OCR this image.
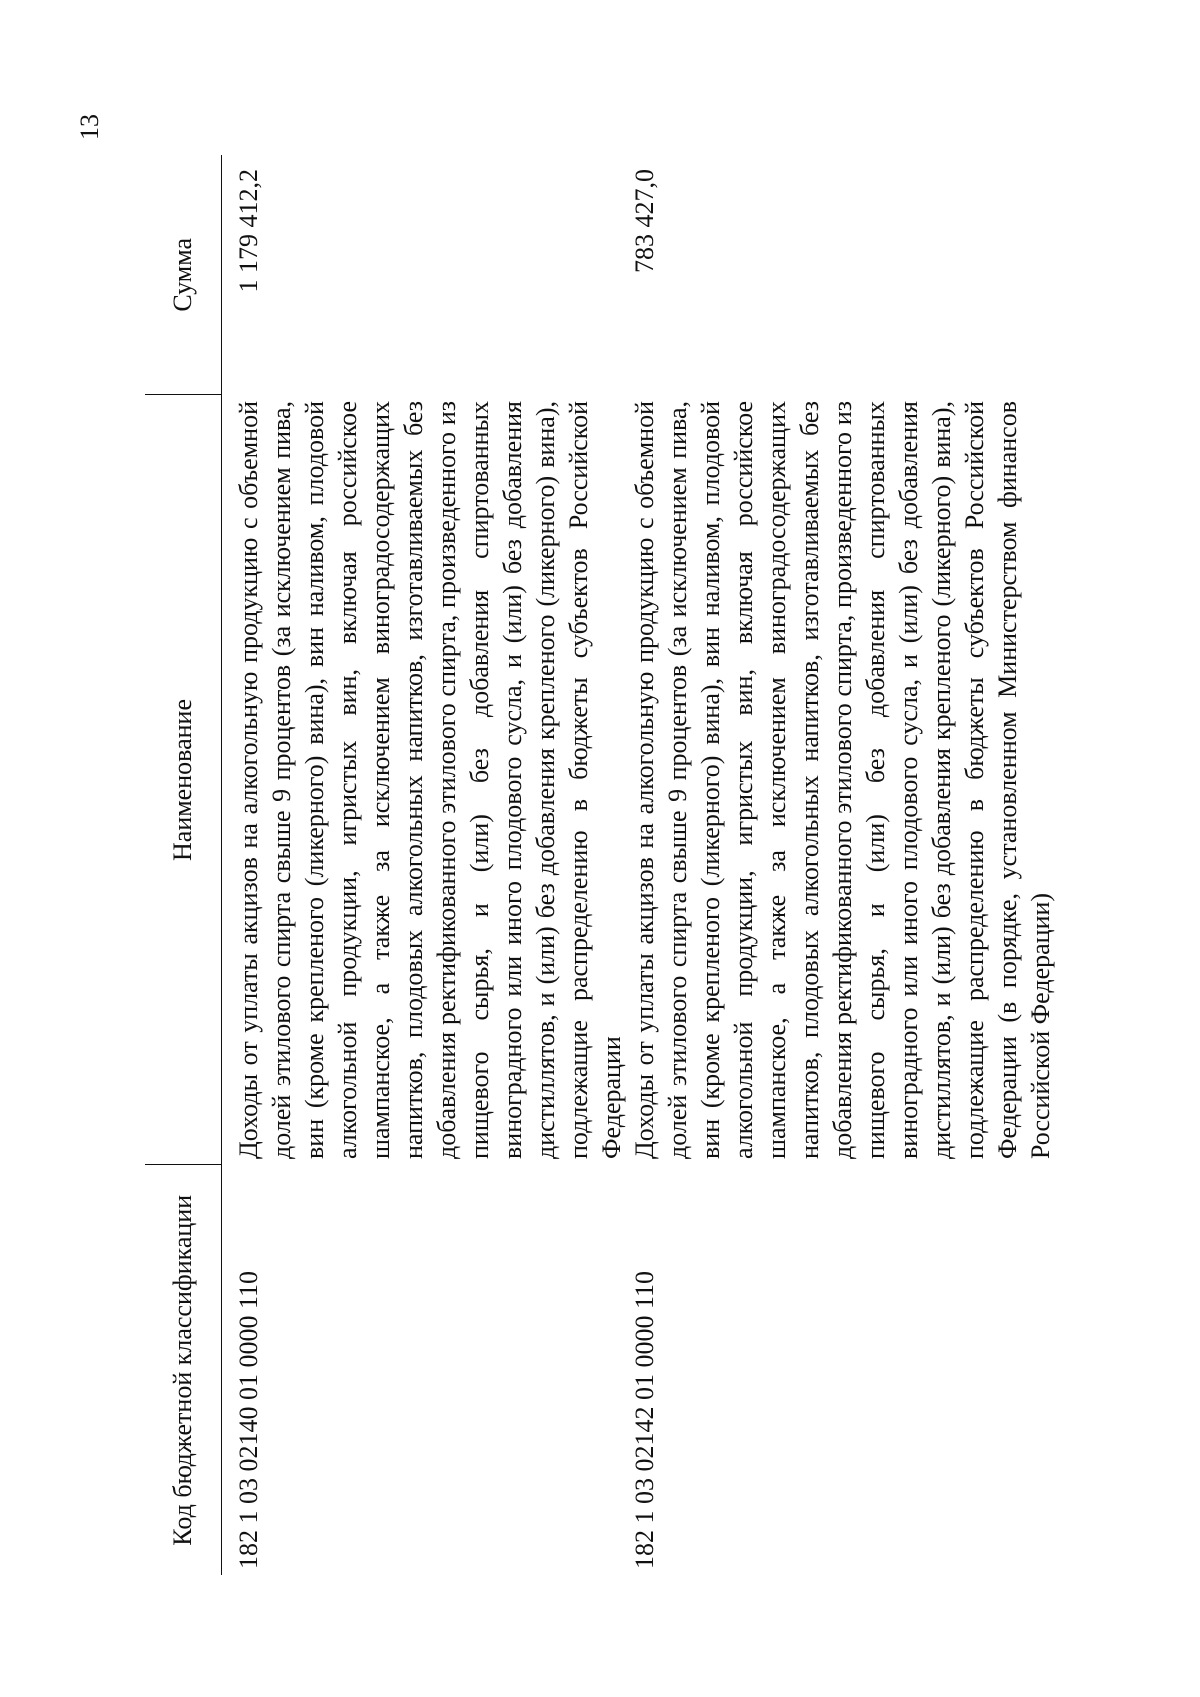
13
Код бюджетной классификации	Наименование	Сумма
182 1 03 02140 01 0000 110	Доходы от уплаты акцизов на алкогольную продукцию с объемной долей этилового спирта свыше 9 процентов (за исключением пива, вин (кроме крепленого (ликерного) вина), вин наливом, плодовой алкогольной продукции, игристых вин, включая российское шампанское, а также за исключением виноградосодержащих напитков, плодовых алкогольных напитков, изготавливаемых без добавления ректификованного этилового спирта, произведенного из пищевого сырья, и (или) без добавления спиртованных виноградного или иного плодового сусла, и (или) без добавления дистиллятов, и (или) без добавления крепленого (ликерного) вина), подлежащие распределению в бюджеты субъектов Российской Федерации	1 179 412,2
182 1 03 02142 01 0000 110	Доходы от уплаты акцизов на алкогольную продукцию с объемной долей этилового спирта свыше 9 процентов (за исключением пива, вин (кроме крепленого (ликерного) вина), вин наливом, плодовой алкогольной продукции, игристых вин, включая российское шампанское, а также за исключением виноградосодержащих напитков, плодовых алкогольных напитков, изготавливаемых без добавления ректификованного этилового спирта, произведенного из пищевого сырья, и (или) без добавления спиртованных виноградного или иного плодового сусла, и (или) без добавления дистиллятов, и (или) без добавления крепленого (ликерного) вина), подлежащие распределению в бюджеты субъектов Российской Федерации (в порядке, установленном Министерством финансов Российской Федерации)	783 427,0
